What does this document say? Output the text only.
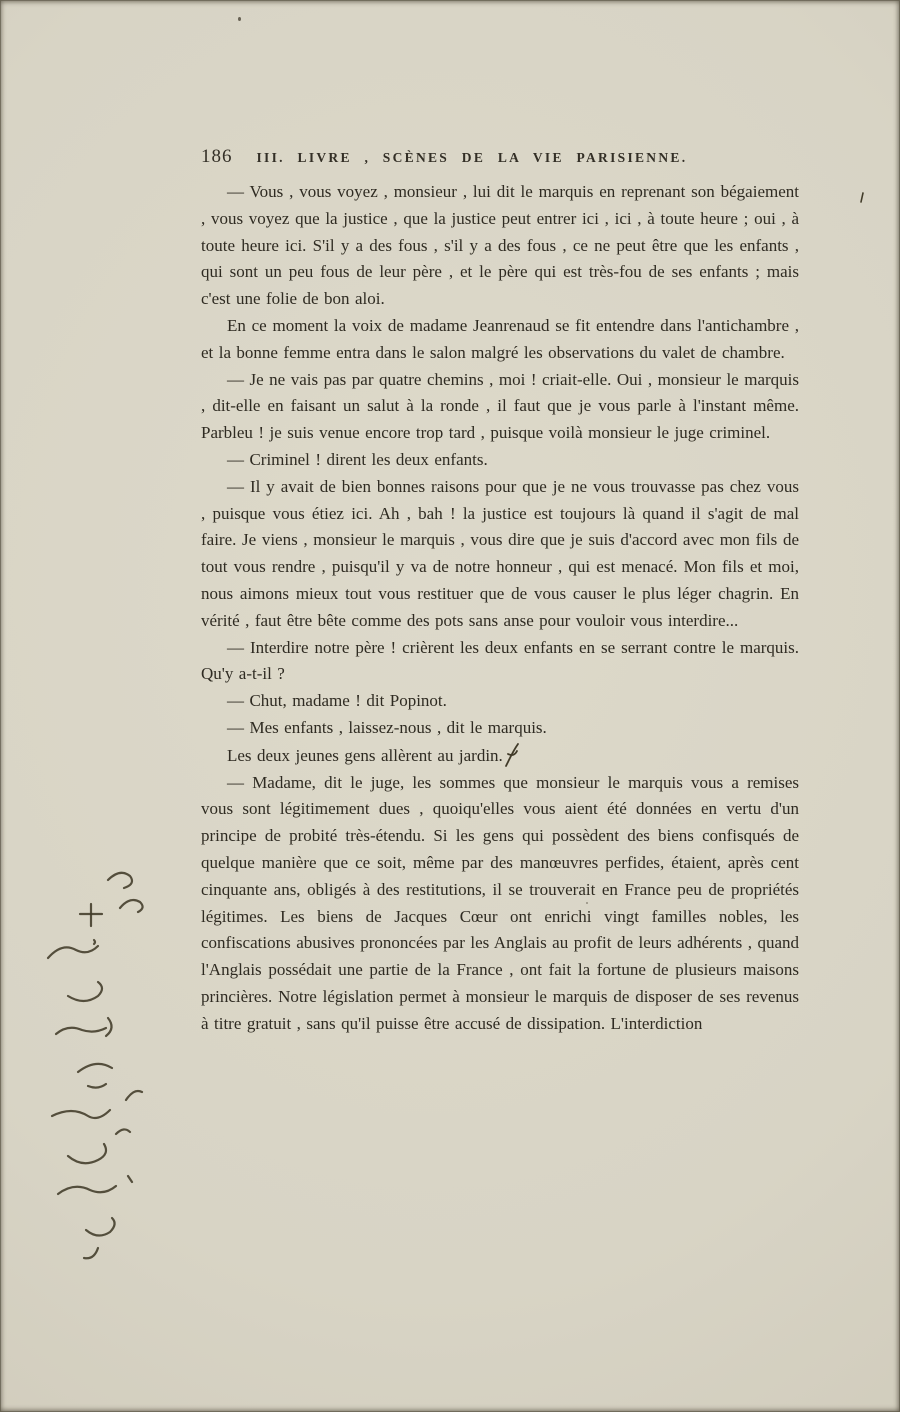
186 III. LIVRE , SCÈNES DE LA VIE PARISIENNE.

— Vous , vous voyez , monsieur , lui dit le marquis en reprenant son bégaiement , vous voyez que la justice , que la justice peut entrer ici , ici , à toute heure ; oui , à toute heure ici. S'il y a des fous , s'il y a des fous , ce ne peut être que les enfants , qui sont un peu fous de leur père , et le père qui est très-fou de ses enfants ; mais c'est une folie de bon aloi.

En ce moment la voix de madame Jeanrenaud se fit entendre dans l'antichambre , et la bonne femme entra dans le salon malgré les observations du valet de chambre.

— Je ne vais pas par quatre chemins , moi ! criait-elle. Oui , monsieur le marquis , dit-elle en faisant un salut à la ronde , il faut que je vous parle à l'instant même. Parbleu ! je suis venue encore trop tard , puisque voilà monsieur le juge criminel.

— Criminel ! dirent les deux enfants.

— Il y avait de bien bonnes raisons pour que je ne vous trouvasse pas chez vous , puisque vous étiez ici. Ah , bah ! la justice est toujours là quand il s'agit de mal faire. Je viens , monsieur le marquis , vous dire que je suis d'accord avec mon fils de tout vous rendre , puisqu'il y va de notre honneur , qui est menacé. Mon fils et moi, nous aimons mieux tout vous restituer que de vous causer le plus léger chagrin. En vérité , faut être bête comme des pots sans anse pour vouloir vous interdire...

— Interdire notre père ! crièrent les deux enfants en se serrant contre le marquis. Qu'y a-t-il ?

— Chut, madame ! dit Popinot.

— Mes enfants , laissez-nous , dit le marquis.

Les deux jeunes gens allèrent au jardin.

— Madame, dit le juge, les sommes que monsieur le marquis vous a remises vous sont légitimement dues , quoiqu'elles vous aient été données en vertu d'un principe de probité très-étendu. Si les gens qui possèdent des biens confisqués de quelque manière que ce soit, même par des manœuvres perfides, étaient, après cent cinquante ans, obligés à des restitutions, il se trouverait en France peu de propriétés légitimes. Les biens de Jacques Cœur ont enrichi vingt familles nobles, les confiscations abusives prononcées par les Anglais au profit de leurs adhérents , quand l'Anglais possédait une partie de la France , ont fait la fortune de plusieurs maisons princières. Notre législation permet à monsieur le marquis de disposer de ses revenus à titre gratuit , sans qu'il puisse être accusé de dissipation. L'interdiction
